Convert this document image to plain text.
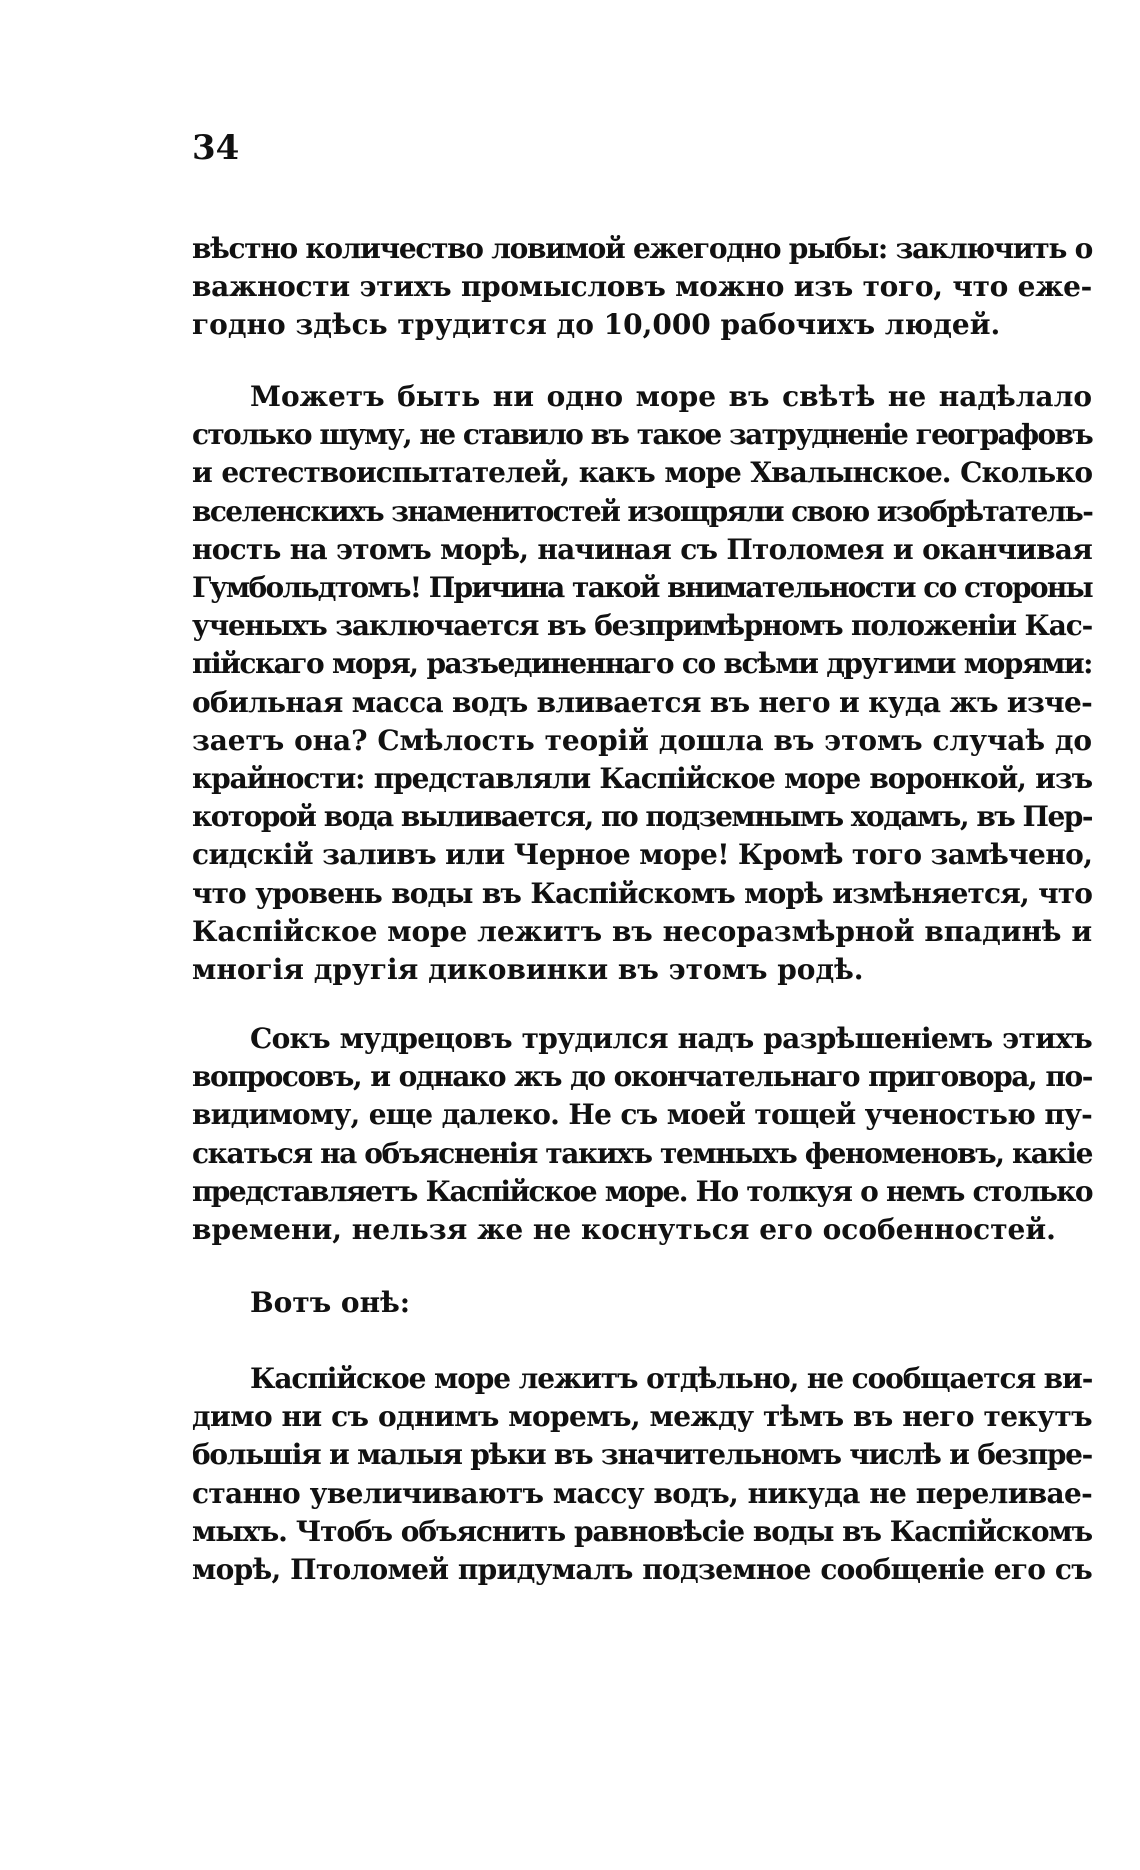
34
вѣстно количество ловимой ежегодно рыбы: заключить о
важности этихъ промысловъ можно изъ того, что еже-
годно здѣсь трудится до 10,000 рабочихъ людей.
Можетъ быть ни одно море въ свѣтѣ не надѣлало
столько шуму, не ставило въ такое затрудненіе географовъ
и естествоиспытателей, какъ море Хвалынское. Сколько
вселенскихъ знаменитостей изощряли свою изобрѣтатель-
ность на этомъ морѣ, начиная съ Птоломея и оканчивая
Гумбольдтомъ! Причина такой внимательности со стороны
ученыхъ заключается въ безпримѣрномъ положеніи Кас-
пійскаго моря, разъединеннаго со всѣми другими морями:
обильная масса водъ вливается въ него и куда жъ изче-
заетъ она? Смѣлость теорій дошла въ этомъ случаѣ до
крайности: представляли Каспійское море воронкой, изъ
которой вода выливается, по подземнымъ ходамъ, въ Пер-
сидскій заливъ или Черное море! Кромѣ того замѣчено,
что уровень воды въ Каспійскомъ морѣ измѣняется, что
Каспійское море лежитъ въ несоразмѣрной впадинѣ и
многія другія диковинки въ этомъ родѣ.
Сокъ мудрецовъ трудился надъ разрѣшеніемъ этихъ
вопросовъ, и однако жъ до окончательнаго приговора, по-
видимому, еще далеко. Не съ моей тощей ученостью пу-
скаться на объясненія такихъ темныхъ феноменовъ, какіе
представляетъ Каспійское море. Но толкуя о немъ столько
времени, нельзя же не коснуться его особенностей.
Вотъ онѣ:
Каспійское море лежитъ отдѣльно, не сообщается ви-
димо ни съ однимъ моремъ, между тѣмъ въ него текутъ
большія и малыя рѣки въ значительномъ числѣ и безпре-
станно увеличиваютъ массу водъ, никуда не переливае-
мыхъ. Чтобъ объяснить равновѣсіе воды въ Каспійскомъ
морѣ, Птоломей придумалъ подземное сообщеніе его съ
